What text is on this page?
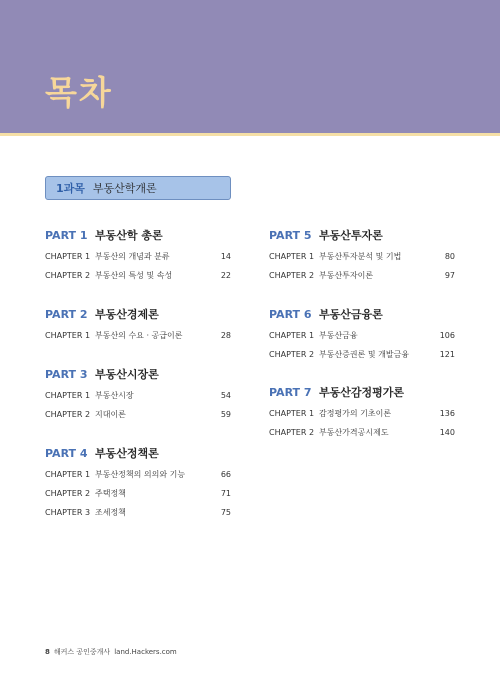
목차
1과목 부동산학개론
PART 1 부동산학 총론
CHAPTER 1 부동산의 개념과 분류	14
CHAPTER 2 부동산의 특성 및 속성	22
PART 2 부동산경제론
CHAPTER 1 부동산의 수요 · 공급이론	28
PART 3 부동산시장론
CHAPTER 1 부동산시장	54
CHAPTER 2 지대이론	59
PART 4 부동산정책론
CHAPTER 1 부동산정책의 의의와 기능	66
CHAPTER 2 주택정책	71
CHAPTER 3 조세정책	75
PART 5 부동산투자론
CHAPTER 1 부동산투자분석 및 기법	80
CHAPTER 2 부동산투자이론	97
PART 6 부동산금융론
CHAPTER 1 부동산금융	106
CHAPTER 2 부동산증권론 및 개발금융	121
PART 7 부동산감정평가론
CHAPTER 1 감정평가의 기초이론	136
CHAPTER 2 부동산가격공시제도	140
8 해커스 공인중개사 land.Hackers.com
